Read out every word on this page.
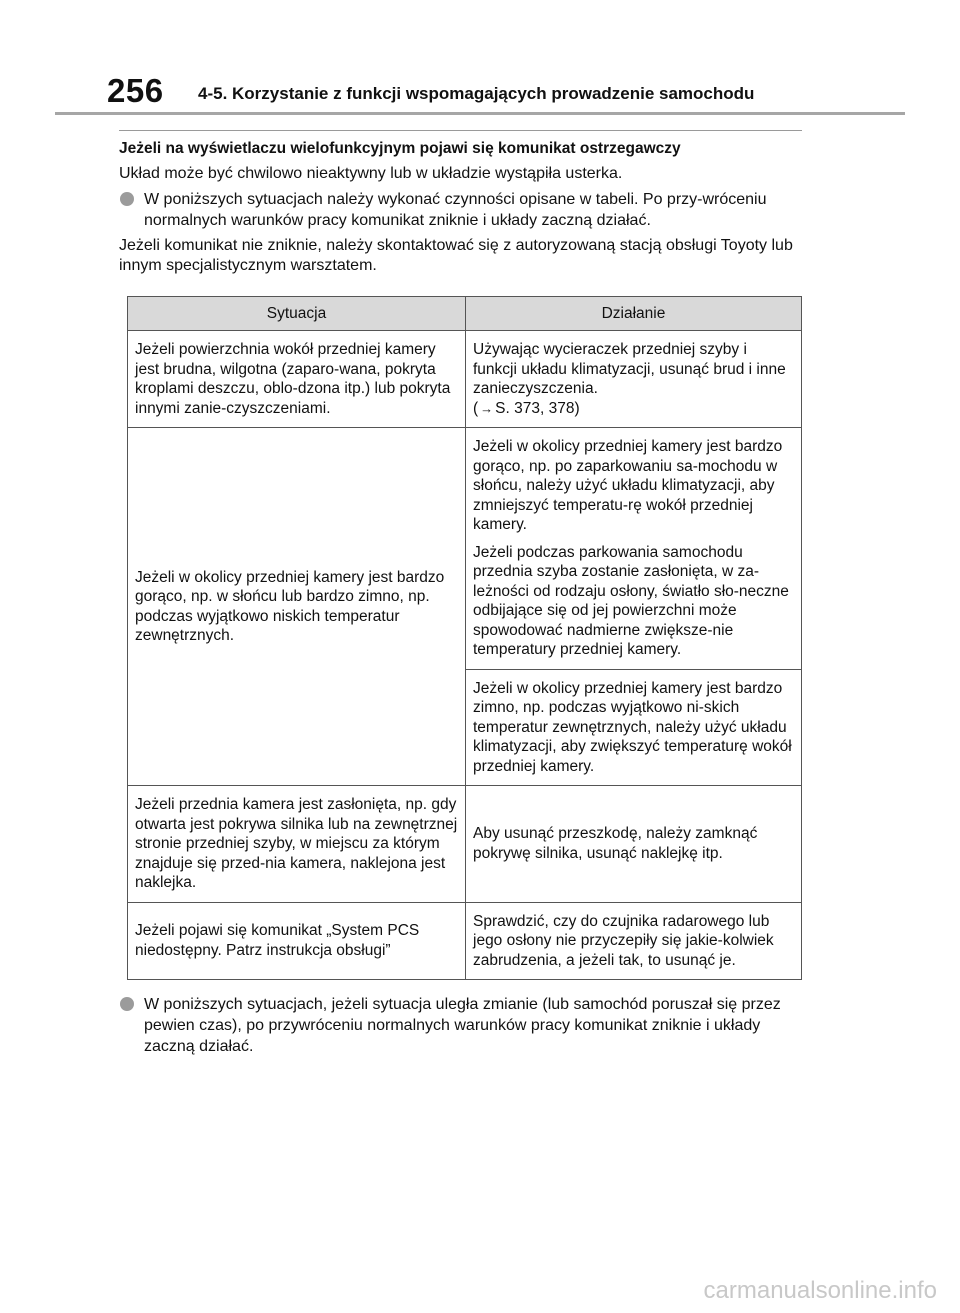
256 4-5. Korzystanie z funkcji wspomagających prowadzenie samochodu
Jeżeli na wyświetlaczu wielofunkcyjnym pojawi się komunikat ostrzegawczy
Układ może być chwilowo nieaktywny lub w układzie wystąpiła usterka.
W poniższych sytuacjach należy wykonać czynności opisane w tabeli. Po przy-wróceniu normalnych warunków pracy komunikat zniknie i układy zaczną działać.
Jeżeli komunikat nie zniknie, należy skontaktować się z autoryzowaną stacją obsługi Toyoty lub innym specjalistycznym warsztatem.
Sytuacja	Działanie
Jeżeli powierzchnia wokół przedniej kamery jest brudna, wilgotna (zaparo-wana, pokryta kroplami deszczu, oblo-dzona itp.) lub pokryta innymi zanie-czyszczeniami.	Używając wycieraczek przedniej szyby i funkcji układu klimatyzacji, usunąć brud i inne zanieczyszczenia.
( → S. 373, 378)
Jeżeli w okolicy przedniej kamery jest bardzo gorąco, np. w słońcu lub bardzo zimno, np. podczas wyjątkowo niskich temperatur zewnętrznych.	Jeżeli w okolicy przedniej kamery jest bardzo gorąco, np. po zaparkowaniu sa-mochodu w słońcu, należy użyć układu klimatyzacji, aby zmniejszyć temperatu-rę wokół przedniej kamery.
Jeżeli podczas parkowania samochodu przednia szyba zostanie zasłonięta, w za-leżności od rodzaju osłony, światło sło-neczne odbijające się od jej powierzchni może spowodować nadmierne zwiększe-nie temperatury przedniej kamery.

	Jeżeli w okolicy przedniej kamery jest bardzo zimno, np. podczas wyjątkowo ni-skich temperatur zewnętrznych, należy użyć układu klimatyzacji, aby zwiększyć temperaturę wokół przedniej kamery.
Jeżeli przednia kamera jest zasłonięta, np. gdy otwarta jest pokrywa silnika lub na zewnętrznej stronie przedniej szyby, w miejscu za którym znajduje się przed-nia kamera, naklejona jest naklejka.	Aby usunąć przeszkodę, należy zamknąć pokrywę silnika, usunąć naklejkę itp.
Jeżeli pojawi się komunikat „System PCS niedostępny. Patrz instrukcja obsługi”	Sprawdzić, czy do czujnika radarowego lub jego osłony nie przyczepiły się jakie-kolwiek zabrudzenia, a jeżeli tak, to usunąć je.
W poniższych sytuacjach, jeżeli sytuacja uległa zmianie (lub samochód poruszał się przez pewien czas), po przywróceniu normalnych warunków pracy komunikat zniknie i układy zaczną działać.
carmanualsonline.info
